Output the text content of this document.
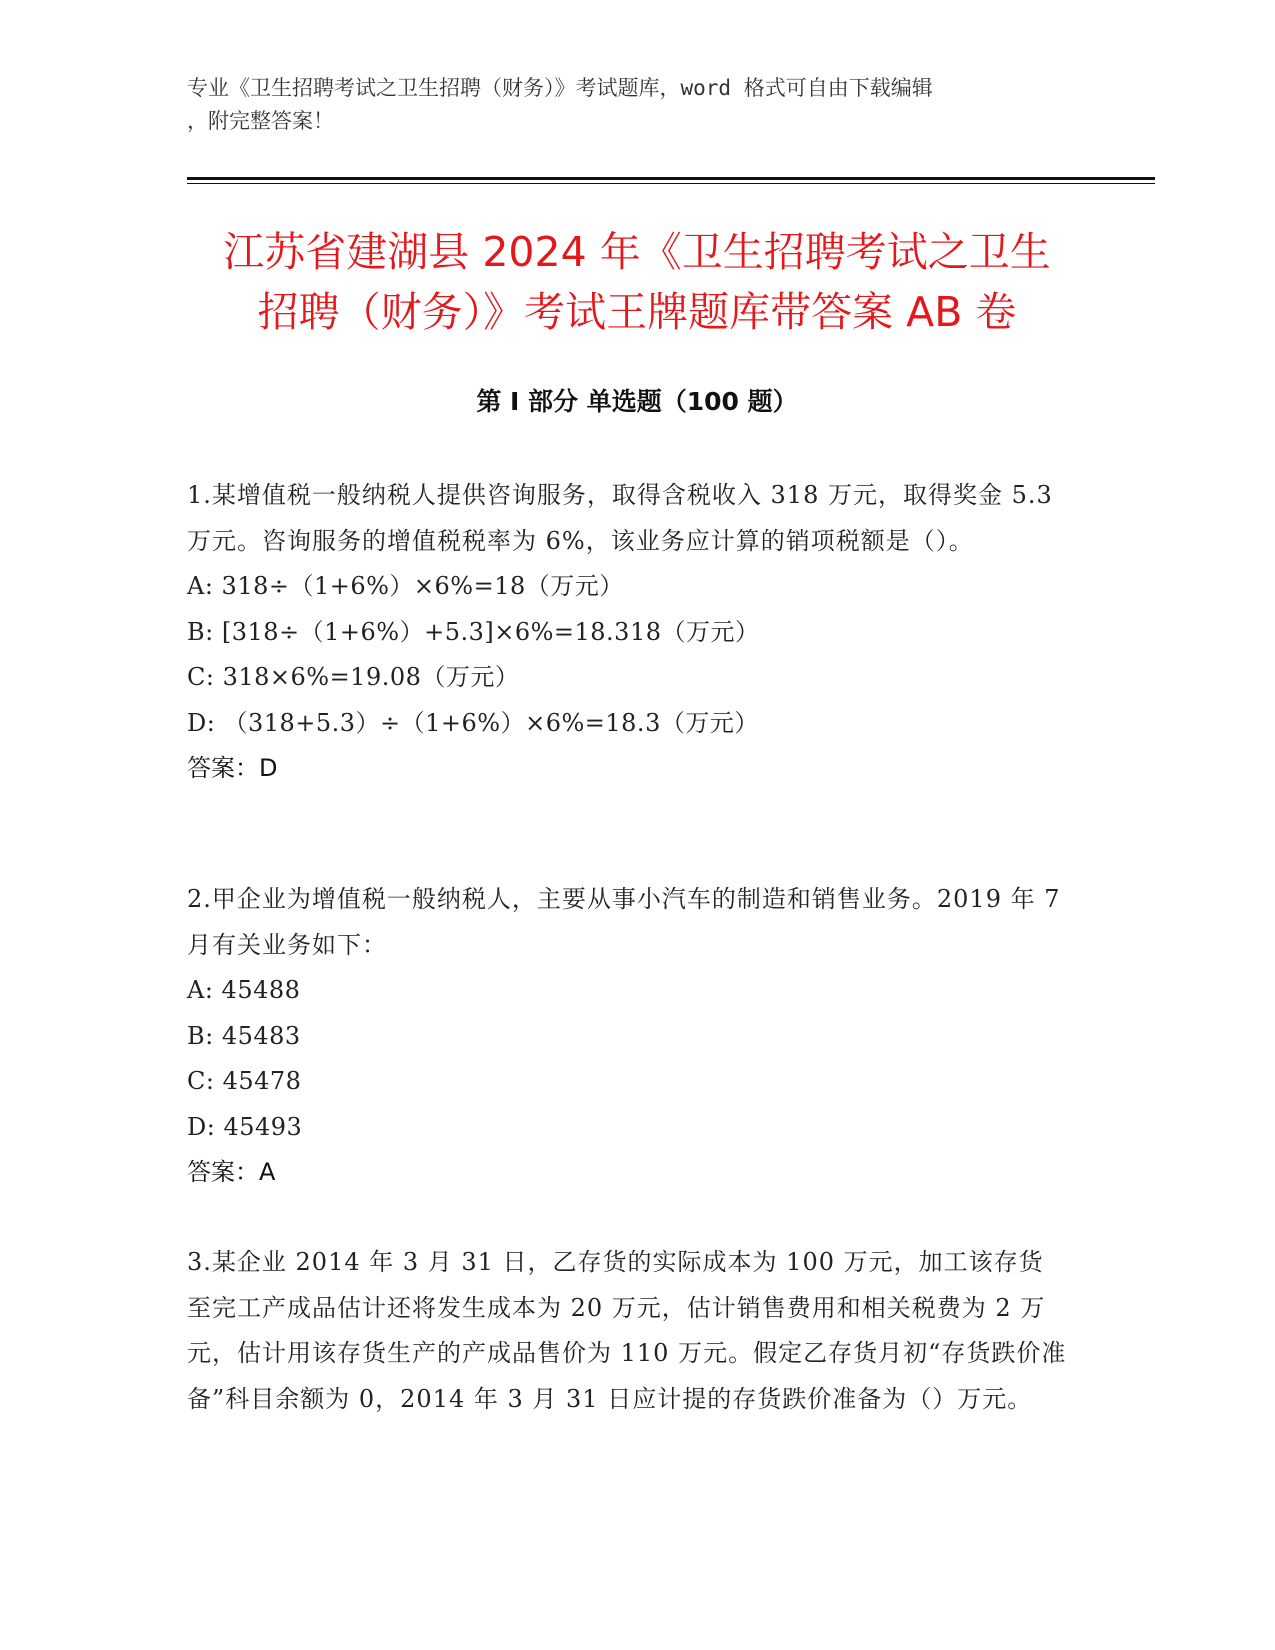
专业《卫生招聘考试之卫生招聘（财务）》考试题库，word 格式可自由下载编辑
，附完整答案！
江苏省建湖县 2024 年《卫生招聘考试之卫生
招聘（财务）》考试王牌题库带答案 AB 卷
第 I 部分 单选题（100 题）

1.某增值税一般纳税人提供咨询服务，取得含税收入 318 万元，取得奖金 5.3 万元。咨询服务的增值税税率为 6%，该业务应计算的销项税额是（）。

A: 318÷（1+6%）×6%=18（万元）

B: [318÷（1+6%）+5.3]×6%=18.318（万元）

C: 318×6%=19.08（万元）

D: （318+5.3）÷（1+6%）×6%=18.3（万元）

答案：D

2.甲企业为增值税一般纳税人，主要从事小汽车的制造和销售业务。2019 年 7 月有关业务如下：

A: 45488

B: 45483

C: 45478

D: 45493

答案：A

3.某企业 2014 年 3 月 31 日，乙存货的实际成本为 100 万元，加工该存货至完工产成品估计还将发生成本为 20 万元，估计销售费用和相关税费为 2 万元，估计用该存货生产的产成品售价为 110 万元。假定乙存货月初“存货跌价准备”科目余额为 0，2014 年 3 月 31 日应计提的存货跌价准备为（）万元。
